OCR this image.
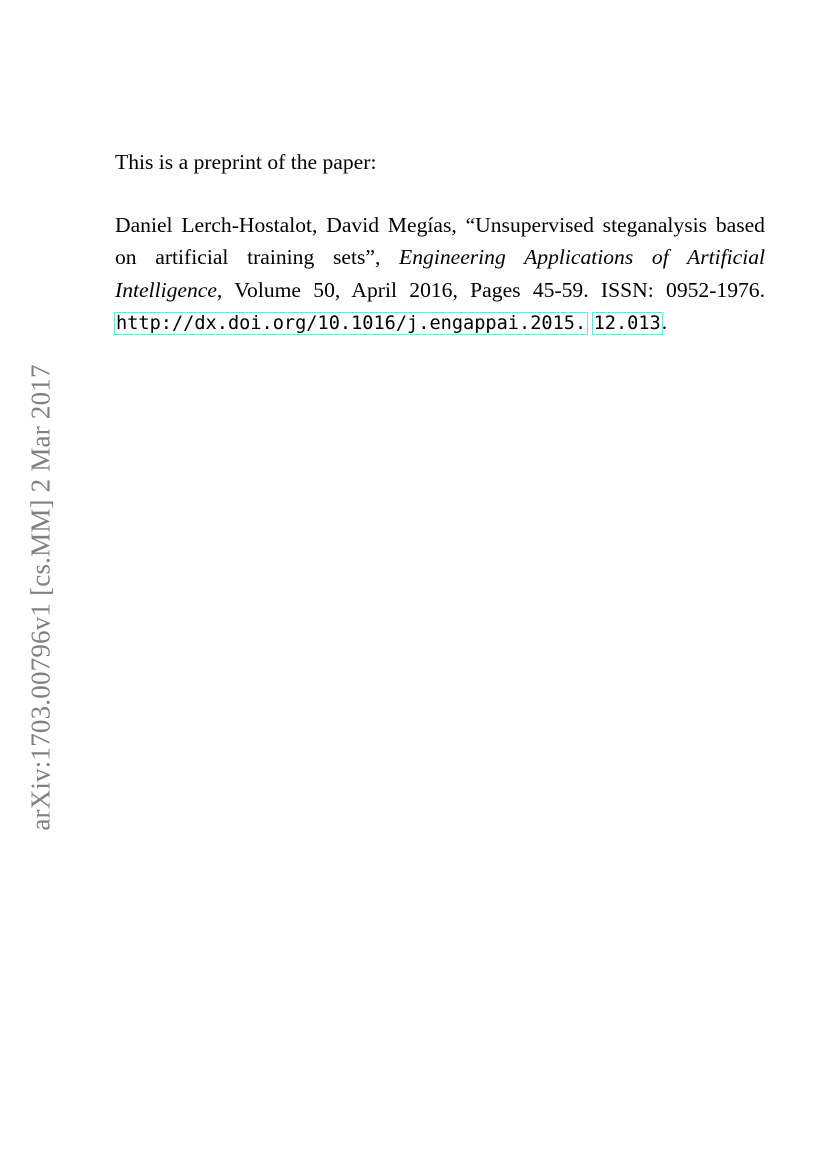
arXiv:1703.00796v1 [cs.MM] 2 Mar 2017

This is a preprint of the paper:

Daniel Lerch-Hostalot, David Megías, “Unsupervised steganalysis based on artificial training sets”, Engineering Applications of Artificial Intelligence, Volume 50, April 2016, Pages 45-59. ISSN: 0952-1976. http://dx.doi.org/10.1016/j.engappai.2015. 12.013.
